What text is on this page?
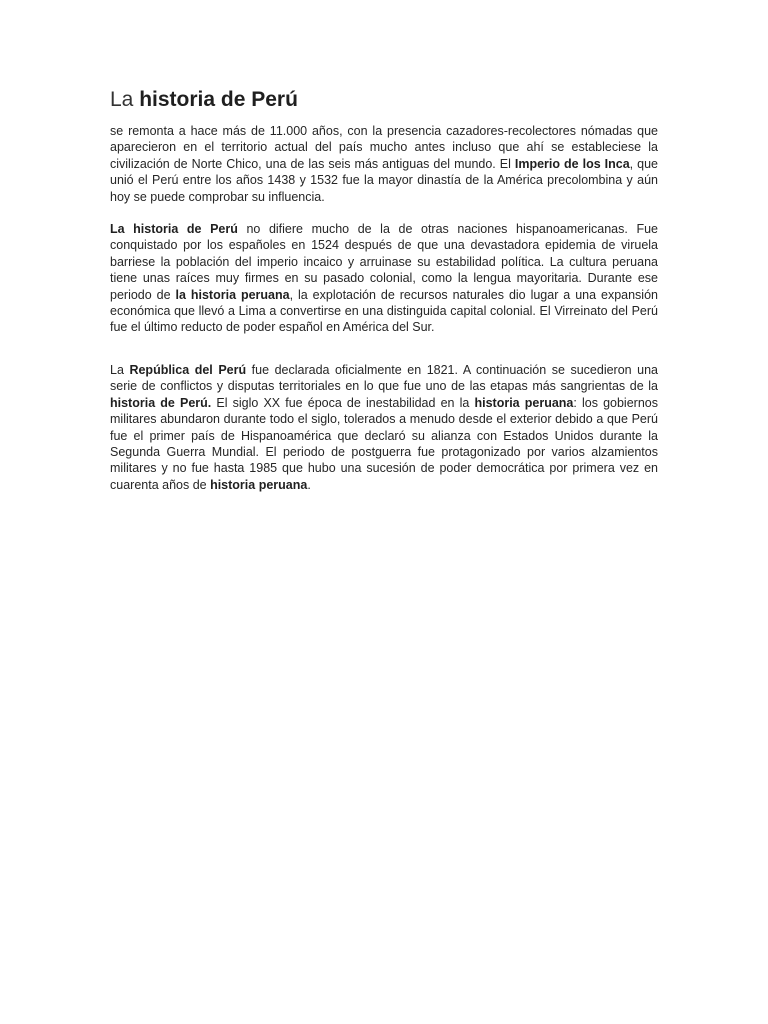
La historia de Perú

se remonta a hace más de 11.000 años, con la presencia cazadores-recolectores nómadas que aparecieron en el territorio actual del país mucho antes incluso que ahí se estableciese la civilización de Norte Chico, una de las seis más antiguas del mundo. El Imperio de los Inca, que unió el Perú entre los años 1438 y 1532 fue la mayor dinastía de la América precolombina y aún hoy se puede comprobar su influencia.

La historia de Perú no difiere mucho de la de otras naciones hispanoamericanas. Fue conquistado por los españoles en 1524 después de que una devastadora epidemia de viruela barriese la población del imperio incaico y arruinase su estabilidad política. La cultura peruana tiene unas raíces muy firmes en su pasado colonial, como la lengua mayoritaria. Durante ese periodo de la historia peruana, la explotación de recursos naturales dio lugar a una expansión económica que llevó a Lima a convertirse en una distinguida capital colonial. El Virreinato del Perú fue el último reducto de poder español en América del Sur.

La República del Perú fue declarada oficialmente en 1821. A continuación se sucedieron una serie de conflictos y disputas territoriales en lo que fue uno de las etapas más sangrientas de la historia de Perú. El siglo XX fue época de inestabilidad en la historia peruana: los gobiernos militares abundaron durante todo el siglo, tolerados a menudo desde el exterior debido a que Perú fue el primer país de Hispanoamérica que declaró su alianza con Estados Unidos durante la Segunda Guerra Mundial. El periodo de postguerra fue protagonizado por varios alzamientos militares y no fue hasta 1985 que hubo una sucesión de poder democrática por primera vez en cuarenta años de historia peruana.
